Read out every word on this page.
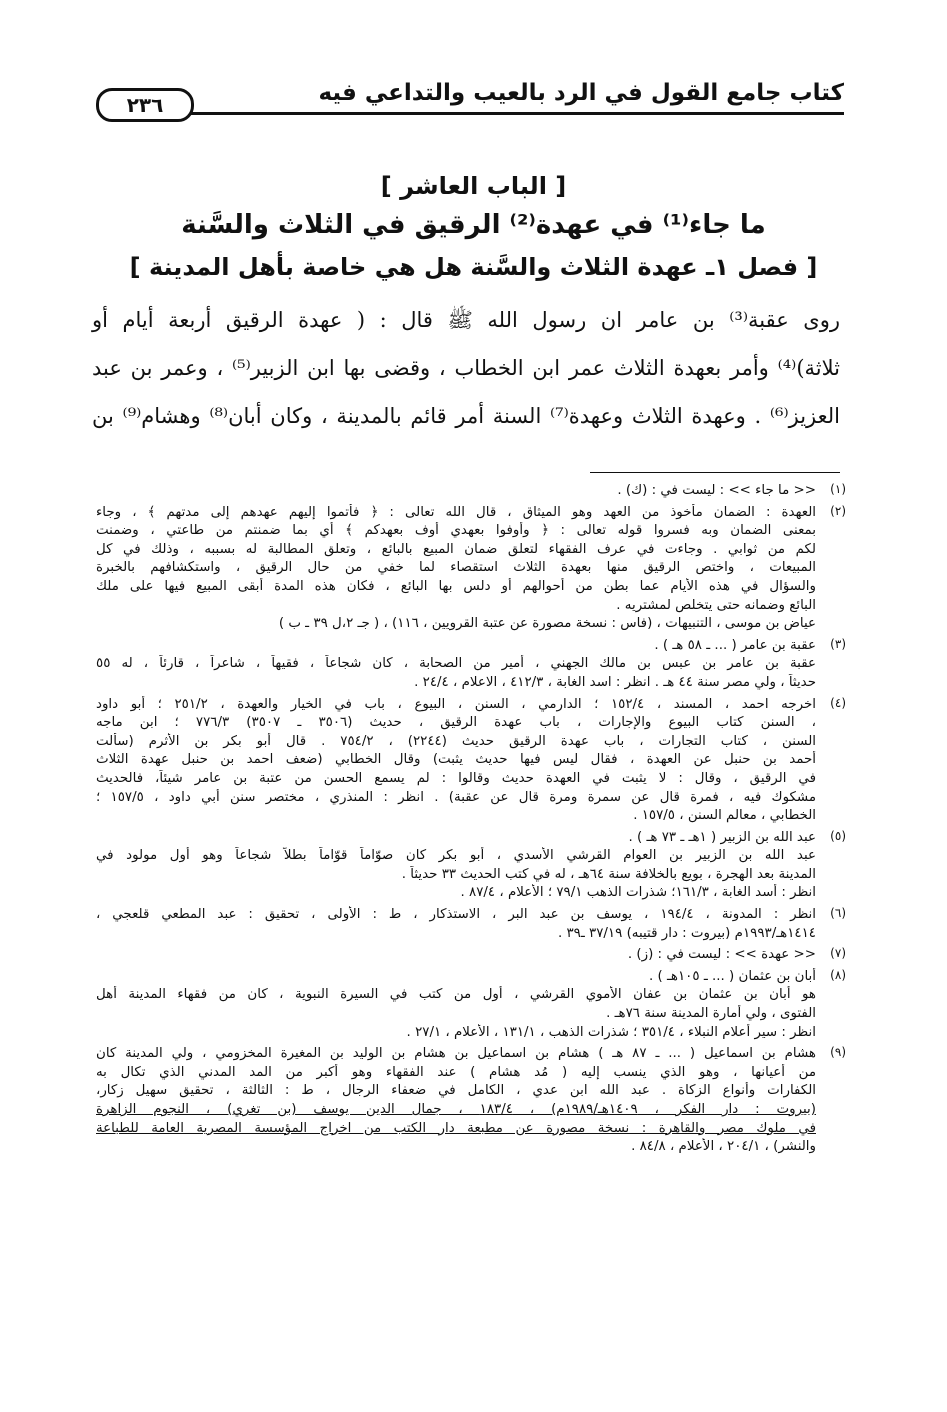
كتاب جامع القول في الرد بالعيب والتداعي فيه
٢٣٦
[ الباب العاشر ]
ما جاء⁽¹⁾ في عهدة⁽²⁾ الرقيق في الثلاث والسَّنة
[ فصل ١ـ عهدة الثلاث والسَّنة هل هي خاصة بأهل المدينة ]
روى عقبة⁽³⁾ بن عامر ان رسول الله ﷺ قال : ( عهدة الرقيق أربعة أيام أو
ثلاثة)⁽⁴⁾ وأمر بعهدة الثلاث عمر ابن الخطاب ، وقضى بها ابن الزبير⁽⁵⁾ ، وعمر بن عبد
العزيز⁽⁶⁾ . وعهدة الثلاث وعهدة⁽⁷⁾ السنة أمر قائم بالمدينة ، وكان أبان⁽⁸⁾ وهشام⁽⁹⁾ بن
(١)
<< ما جاء >> : ليست في : (ك) .
(٢)
العهدة : الضمان مأخوذ من العهد وهو الميثاق ، قال الله تعالى : ﴿ فأتموا إليهم عهدهم إلى مدتهم ﴾ ، وجاء
بمعنى الضمان وبه فسروا قوله تعالى : ﴿ وأوفوا بعهدي أوف بعهدكم ﴾ أي بما ضمنتم من طاعتي ، وضمنت
لكم من ثوابي . وجاءت في عرف الفقهاء لتعلق ضمان المبيع بالبائع ، وتعلق المطالبة له بسببه ، وذلك في كل
المبيعات ، واختص الرقيق منها بعهدة الثلاث استقصاء لما خفي من حال الرقيق ، واستكشافهم بالخبرة
والسؤال في هذه الأيام عما بطن من أحوالهم أو دلس بها البائع ، فكان هذه المدة أبقى المبيع فيها على ملك
البائع وضمانه حتى يتخلص لمشتريه .
عياض بن موسى ، التنبيهات ، (فاس : نسخة مصورة عن عتبة القرويين ، ١١٦) ، ( جـ ٢،ل ٣٩ ـ ب )
(٣)
عقبة بن عامر ( ... ـ ٥٨ هـ ) .
عقبة بن عامر بن عبس بن مالك الجهني ، أمير من الصحابة ، كان شجاعاً ، فقيهاً ، شاعراً ، قارئاً ، له ٥٥
حديثاً ، ولي مصر سنة ٤٤ هـ . انظر : اسد الغابة ، ٤١٢/٣ ، الاعلام ، ٢٤/٤ .
(٤)
اخرجه احمد ، المسند ، ١٥٢/٤ ؛ الدارمي ، السنن ، البيوع ، باب في الخيار والعهدة ، ٢٥١/٢ ؛ أبو داود
، السنن كتاب البيوع والإجارات ، باب عهدة الرقيق ، حديث (٣٥٠٦ ـ ٣٥٠٧) ٧٧٦/٣ ؛ ابن ماجه
السنن ، كتاب التجارات ، باب عهدة الرقيق حديث (٢٢٤٤) ، ٧٥٤/٢ . قال أبو بكر بن الأثرم (سألت
أحمد بن حنبل عن العهدة ، فقال ليس فيها حديث يثبت) وقال الخطابي (ضعف احمد بن حنبل عهدة الثلاث
في الرقيق ، وقال : لا يثبت في العهدة حديث وقالوا : لم يسمع الحسن من عتبة بن عامر شيئاً، فالحديث
مشكوك فيه ، فمرة قال عن سمرة ومرة قال عن عقبة) . انظر : المنذري ، مختصر سنن أبي داود ، ١٥٧/٥ ؛
الخطابي ، معالم السنن ، ١٥٧/٥ .
(٥)
عبد الله بن الزبير ( ١هـ ـ ٧٣ هـ ) .
عبد الله بن الزبير بن العوام القرشي الأسدي ، أبو بكر كان صوّاماً قوّاماً بطلاً شجاعاً وهو أول مولود في
المدينة بعد الهجرة ، بويع بالخلافة سنة ٦٤هـ ، له في كتب الحديث ٣٣ حديثاً .
انظر : أسد الغابة ، ١٦١/٣؛ شذرات الذهب ٧٩/١ ؛ الأعلام ، ٨٧/٤ .
(٦)
انظر : المدونة ، ١٩٤/٤ ، يوسف بن عبد البر ، الاستذكار ، ط : الأولى ، تحقيق : عبد المطعي قلعجي ،
١٤١٤هـ/١٩٩٣م (بيروت : دار قتيبه) ٣٧/١٩ ـ٣٩ .
(٧)
<< عهدة >> : ليست في : (ز) .
(٨)
أبان بن عثمان ( ... ـ ١٠٥هـ ) .
هو أبان بن عثمان بن عفان الأموي القرشي ، أول من كتب في السيرة النبوية ، كان من فقهاء المدينة أهل
الفتوى ، ولي أمارة المدينة سنة ٧٦هـ .
انظر : سير أعلام النبلاء ، ٣٥١/٤ ؛ شذرات الذهب ، ١٣١/١ ، الأعلام ، ٢٧/١ .
(٩)
هشام بن اسماعيل ( ... ـ ٨٧ هـ ) هشام بن اسماعيل بن هشام بن الوليد بن المغيرة المخزومي ، ولي المدينة كان
من أعيانها ، وهو الذي ينسب إليه ( مُد هشام ) عند الفقهاء وهو أكبر من المد المدني الذي تكال به
الكفارات وأنواع الزكاة . عبد الله ابن عدي ، الكامل في ضعفاء الرجال ، ط : الثالثة ، تحقيق سهيل زكار،
(بيروت : دار الفكر ، ١٤٠٩هـ/١٩٨٩م) ، ١٨٣/٤ ، جمال الدين يوسف (بن تغري) ، النجوم الزاهرة
في ملوك مصر والقاهرة : نسخة مصورة عن مطبعة دار الكتب من اخراج المؤسسة المصرية العامة للطباعة
والنشر) ، ٢٠٤/١ ، الأعلام ، ٨٤/٨ .
